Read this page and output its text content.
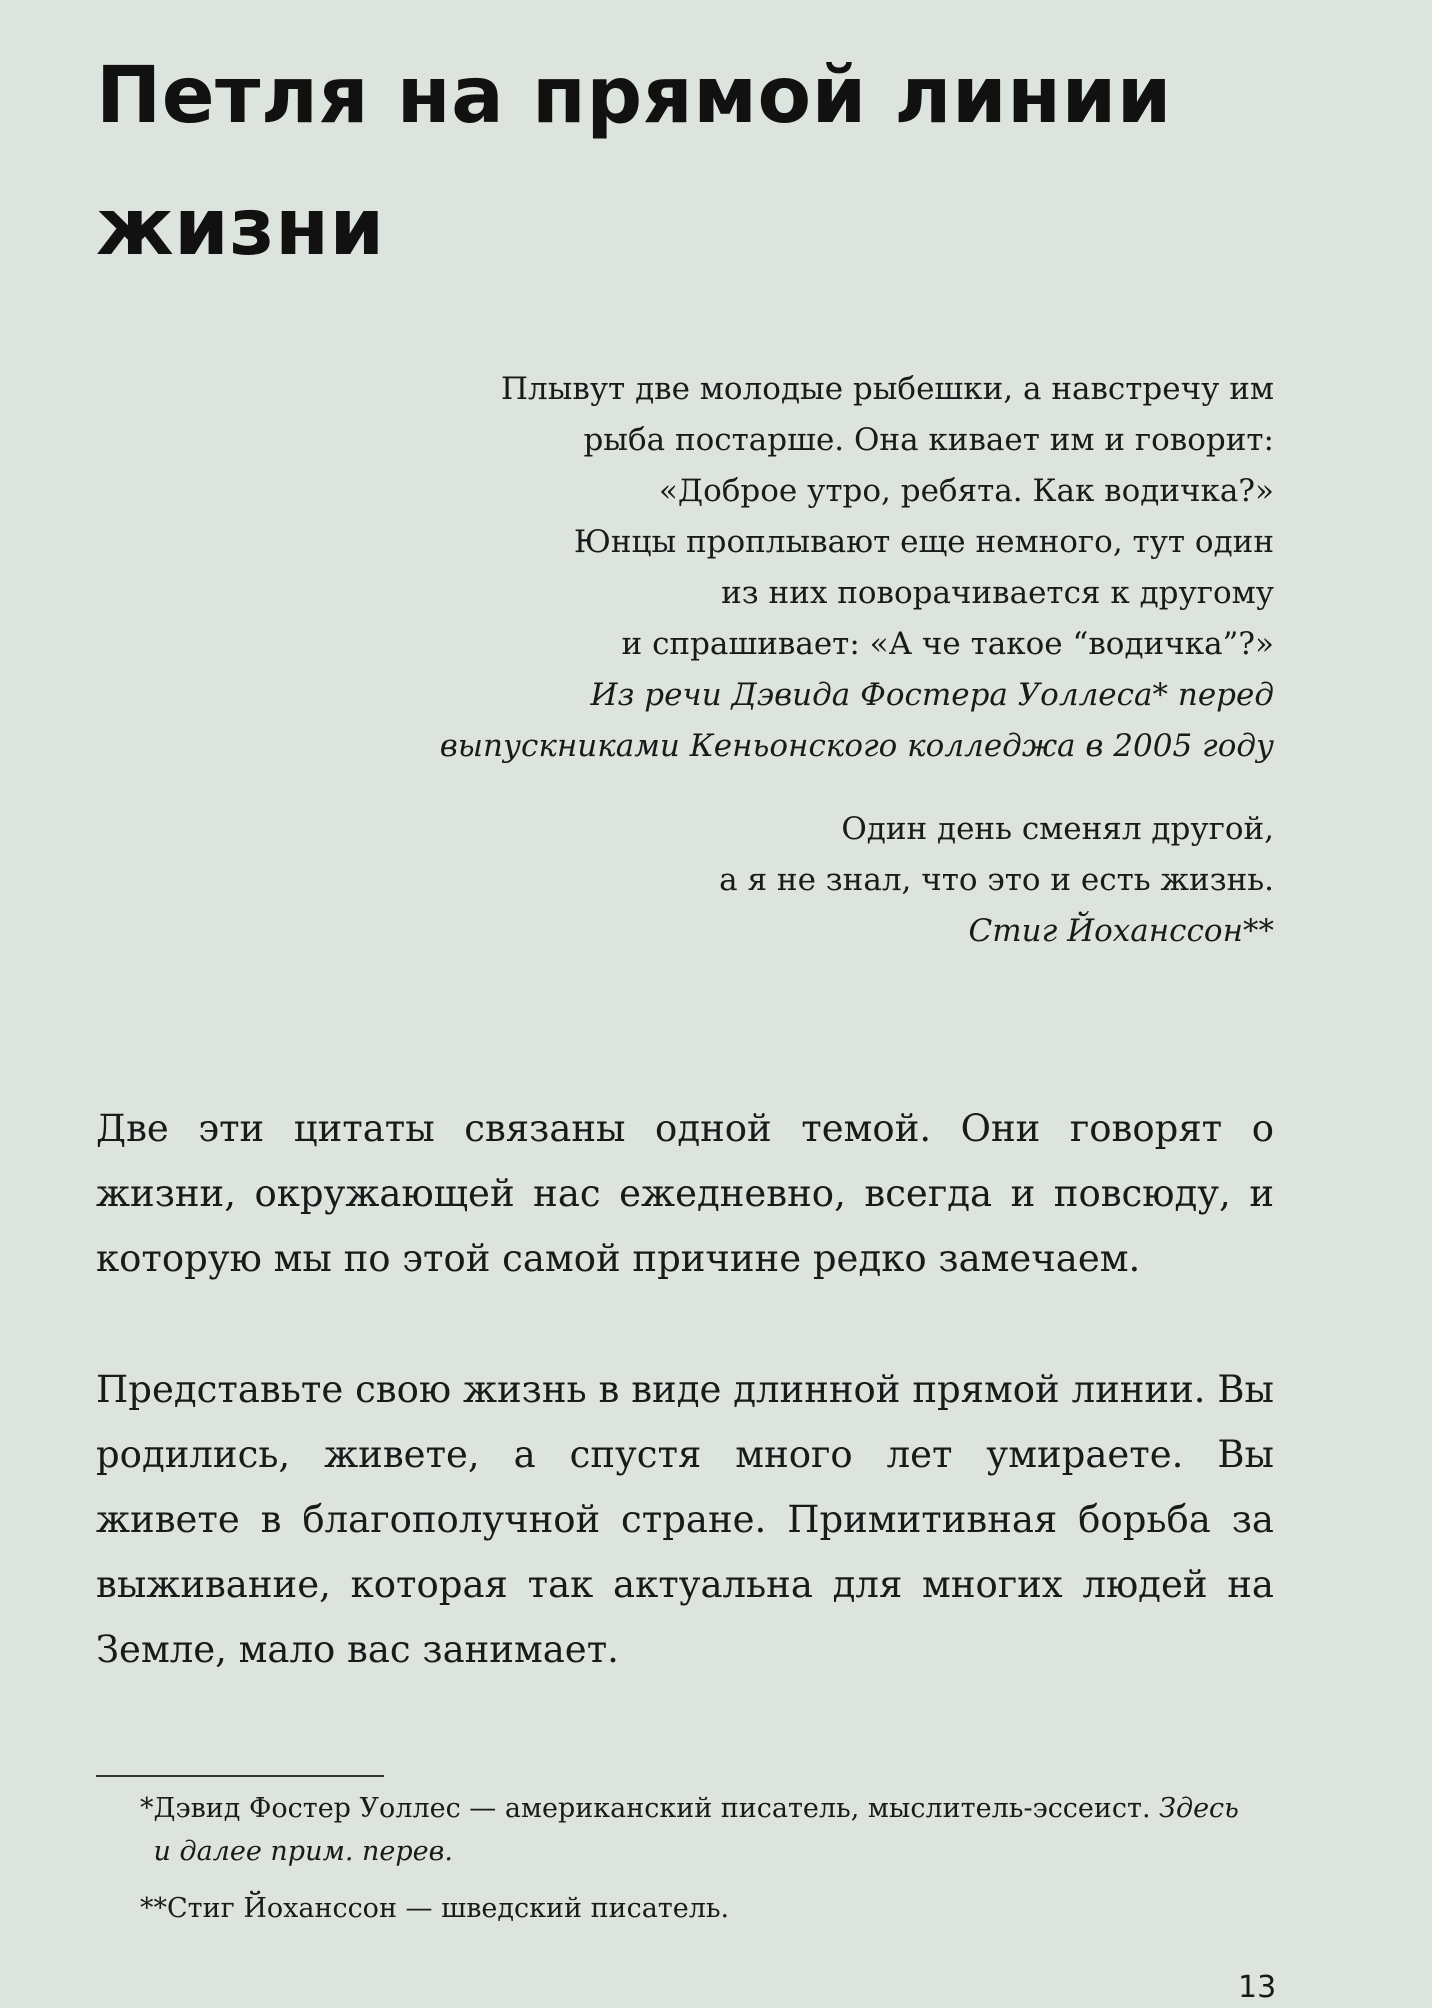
Петля на прямой линии жизни
Плывут две молодые рыбешки, а навстречу им
рыба постарше. Она кивает им и говорит:
«Доброе утро, ребята. Как водичка?»
Юнцы проплывают еще немного, тут один
из них поворачивается к другому
и спрашивает: «А че такое “водичка”?»
Из речи Дэвида Фостера Уоллеса* перед
выпускниками Кеньонского колледжа в 2005 году
Один день сменял другой,
а я не знал, что это и есть жизнь.
Стиг Йоханссон**

Две эти цитаты связаны одной темой. Они говорят о жизни, окружающей нас ежедневно, всегда и повсюду, и которую мы по этой самой причине редко замечаем.

Представьте свою жизнь в виде длинной прямой линии. Вы родились, живете, а спустя много лет умираете. Вы живете в благополучной стране. Примитивная борьба за выживание, которая так актуальна для многих людей на Земле, мало вас занимает.

* Дэвид Фостер Уоллес — американский писатель, мыслитель-эссеист. Здесь и далее прим. перев.
** Стиг Йоханссон — шведский писатель.
13
